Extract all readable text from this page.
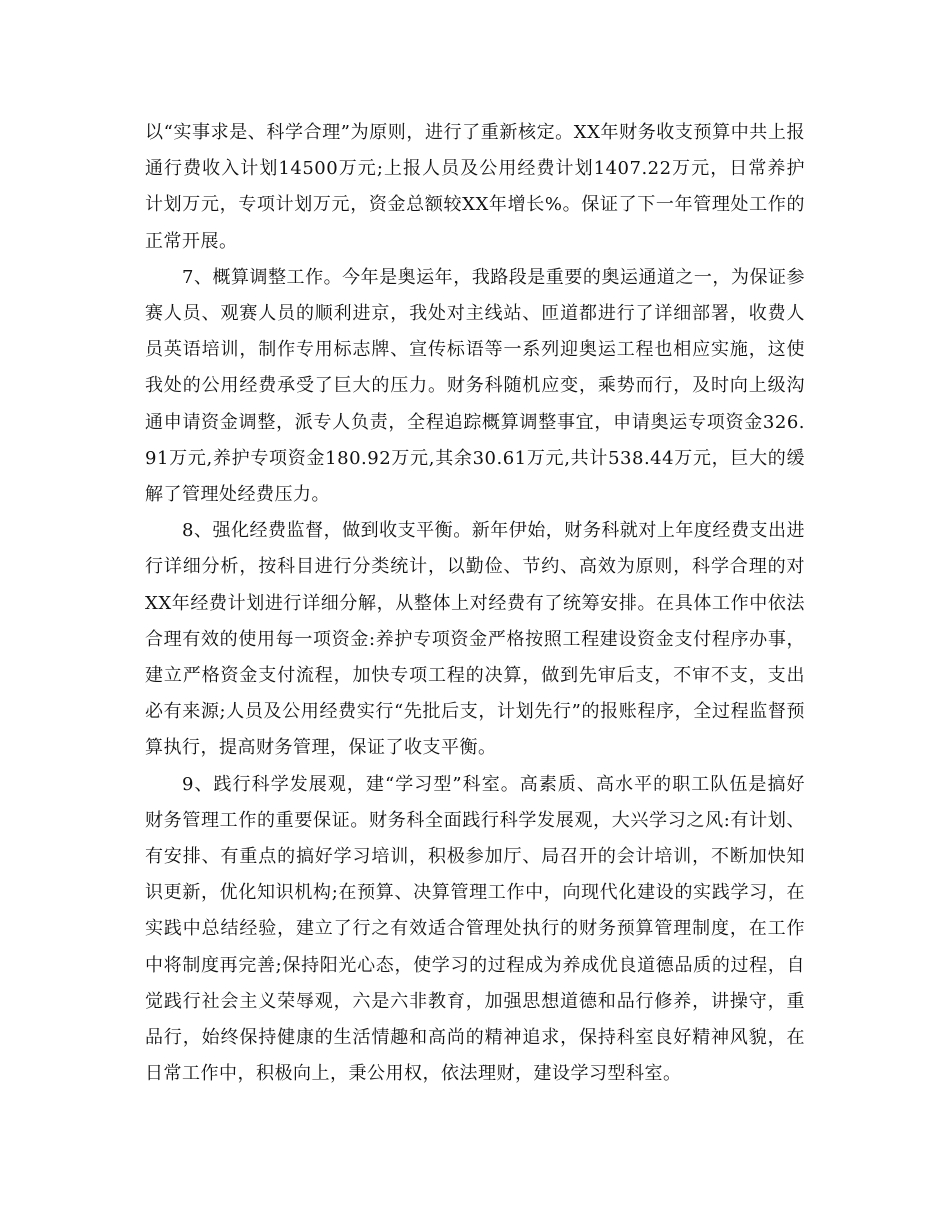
以“实事求是、科学合理”为原则，进行了重新核定。XX年财务收支预算中共上报通行费收入计划14500万元;上报人员及公用经费计划1407.22万元，日常养护计划万元，专项计划万元，资金总额较XX年增长%。保证了下一年管理处工作的正常开展。

7、概算调整工作。今年是奥运年，我路段是重要的奥运通道之一，为保证参赛人员、观赛人员的顺利进京，我处对主线站、匝道都进行了详细部署，收费人员英语培训，制作专用标志牌、宣传标语等一系列迎奥运工程也相应实施，这使我处的公用经费承受了巨大的压力。财务科随机应变，乘势而行，及时向上级沟通申请资金调整，派专人负责，全程追踪概算调整事宜，申请奥运专项资金326.91万元,养护专项资金180.92万元,其余30.61万元,共计538.44万元，巨大的缓解了管理处经费压力。

8、强化经费监督，做到收支平衡。新年伊始，财务科就对上年度经费支出进行详细分析，按科目进行分类统计，以勤俭、节约、高效为原则，科学合理的对XX年经费计划进行详细分解，从整体上对经费有了统筹安排。在具体工作中依法合理有效的使用每一项资金:养护专项资金严格按照工程建设资金支付程序办事，建立严格资金支付流程，加快专项工程的决算，做到先审后支，不审不支，支出必有来源;人员及公用经费实行“先批后支，计划先行”的报账程序，全过程监督预算执行，提高财务管理，保证了收支平衡。

9、践行科学发展观，建“学习型”科室。高素质、高水平的职工队伍是搞好财务管理工作的重要保证。财务科全面践行科学发展观，大兴学习之风:有计划、有安排、有重点的搞好学习培训，积极参加厅、局召开的会计培训，不断加快知识更新，优化知识机构;在预算、决算管理工作中，向现代化建设的实践学习，在实践中总结经验，建立了行之有效适合管理处执行的财务预算管理制度，在工作中将制度再完善;保持阳光心态，使学习的过程成为养成优良道德品质的过程，自觉践行社会主义荣辱观，六是六非教育，加强思想道德和品行修养，讲操守，重品行，始终保持健康的生活情趣和高尚的精神追求，保持科室良好精神风貌，在日常工作中，积极向上，秉公用权，依法理财，建设学习型科室。
